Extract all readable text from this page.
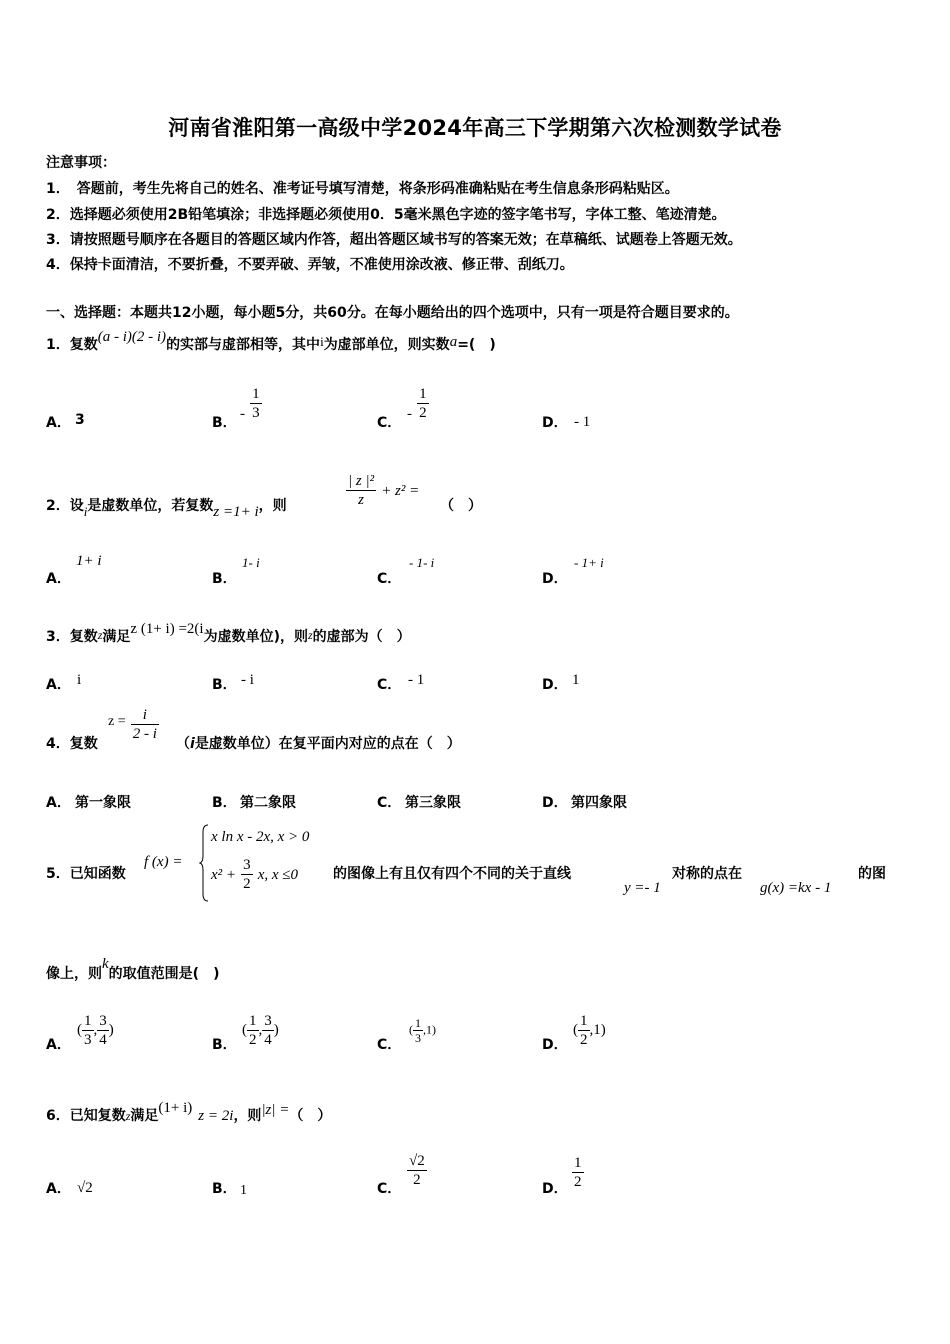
河南省淮阳第一高级中学2024年高三下学期第六次检测数学试卷
注意事项：
1．　答题前，考生先将自己的姓名、准考证号填写清楚，将条形码准确粘贴在考生信息条形码粘贴区。
2．选择题必须使用2B铅笔填涂；非选择题必须使用0．5毫米黑色字迹的签字笔书写，字体工整、笔迹清楚。
3．请按照题号顺序在各题目的答题区域内作答，超出答题区域书写的答案无效；在草稿纸、试题卷上答题无效。
4．保持卡面清洁，不要折叠，不要弄破、弄皱，不准使用涂改液、修正带、刮纸刀。
一、选择题：本题共12小题，每小题5分，共60分。在每小题给出的四个选项中，只有一项是符合题目要求的。
1．复数(a - i)(2 - i)的实部与虚部相等，其中i为虚部单位，则实数a=(　)
A． 3	B．
- $\frac{1}{3}$
C．
- $\frac{1}{2}$
D． - 1
2．设i是虚数单位，若复数z =1+ i，则	$\frac{\text{| z |²}}{z} + z^2$ =
（　）
A．
1+ i
B．
1- i
C．
- 1- i
D．
- 1+ i
3．复数z满足z (1+ i) =2(i为虚数单位)，则z的虚部为（　）
A． i	B． - i	C． - 1	D． 1
4．复数
$z = \frac{i}{2 - i}$
（i是虚数单位）在复平面内对应的点在（　）
A． 第一象限	B． 第二象限	C． 第三象限	D． 第四象限
5．已知函数
f (x) =
x ln x - 2x, x > 0
$x^2 + \frac{3}{2} x$, x ≤0 的图像上有且仅有四个不同的关于直线
y =- 1
对称的点在
g(x) =kx - 1
的图
像上，则k的取值范围是(　)
A．
( $\frac{1}{3}$ , $\frac{3}{4}$ )
B．
( $\frac{1}{2}$ , $\frac{3}{4}$ )
C．
( $\frac{1}{3} ,1$)
D．
( $\frac{1}{2} ,1$)
6．已知复数z满足(1+ i) z = 2i，则|z| =（　）
A． √2	B． 1	C． $\frac{√2}{2}$	D． $\frac{1}{2}$
